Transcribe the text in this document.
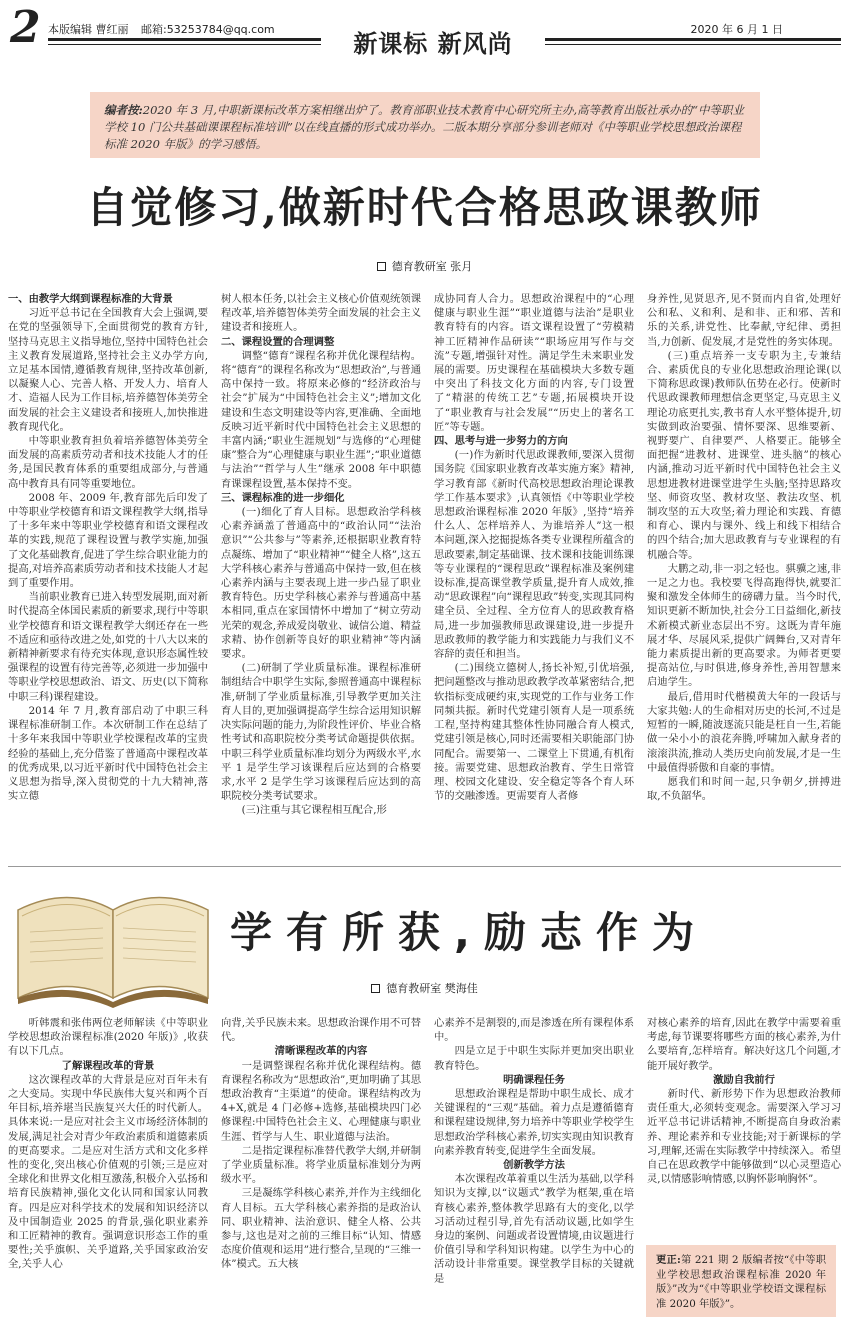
2 本版编辑 曹红丽 邮箱:53253784@qq.com	2020 年 6 月 1 日
新课标 新风尚
编者按:2020 年 3 月,中职新课标改革方案相继出炉了。教育部职业技术教育中心研究所主办,高等教育出版社承办的“中等职业学校 10 门公共基础课课程标准培训”以在线直播的形式成功举办。二版本期分享部分参训老师对《中等职业学校思想政治课程标准 2020 年版》的学习感悟。
自觉修习,做新时代合格思政课教师
德育教研室 张月

一、由教学大纲到课程标准的大背景

习近平总书记在全国教育大会上强调,要在党的坚强领导下,全面贯彻党的教育方针,坚持马克思主义指导地位,坚持中国特色社会主义教育发展道路,坚持社会主义办学方向,立足基本国情,遵循教育规律,坚持改革创新,以凝聚人心、完善人格、开发人力、培育人才、造福人民为工作目标,培养德智体美劳全面发展的社会主义建设者和接班人,加快推进教育现代化。

中等职业教育担负着培养德智体美劳全面发展的高素质劳动者和技术技能人才的任务,是国民教育体系的重要组成部分,与普通高中教育具有同等重要地位。

2008 年、2009 年,教育部先后印发了中等职业学校德育和语文课程教学大纲,指导了十多年来中等职业学校德育和语文课程改革的实践,规范了课程设置与教学实施,加强了文化基础教育,促进了学生综合职业能力的提高,对培养高素质劳动者和技术技能人才起到了重要作用。

当前职业教育已进入转型发展期,面对新时代提高全体国民素质的新要求,现行中等职业学校德育和语文课程教学大纲还存在一些不适应和亟待改进之处,如党的十八大以来的新精神新要求有待充实体现,意识形态属性较强课程的设置有待完善等,必须进一步加强中等职业学校思想政治、语文、历史(以下简称中职三科)课程建设。

2014 年 7 月,教育部启动了中职三科课程标准研制工作。本次研制工作在总结了十多年来我国中等职业学校课程改革的宝贵经验的基础上,充分借鉴了普通高中课程改革的优秀成果,以习近平新时代中国特色社会主义思想为指导,深入贯彻党的十九大精神,落实立德

树人根本任务,以社会主义核心价值观统领课程改革,培养德智体美劳全面发展的社会主义建设者和接班人。

二、课程设置的合理调整

调整“德育”课程名称并优化课程结构。将“德育”的课程名称改为“思想政治”,与普通高中保持一致。将原来必修的“经济政治与社会”扩展为“中国特色社会主义”;增加文化建设和生态文明建设等内容,更准确、全面地反映习近平新时代中国特色社会主义思想的丰富内涵;“职业生涯规划”与选修的“心理健康”整合为“心理健康与职业生涯”;“职业道德与法治”“哲学与人生”继承 2008 年中职德育课课程设置,基本保持不变。

三、课程标准的进一步细化

(一)细化了育人目标。思想政治学科核心素养涵盖了普通高中的“政治认同”“法治意识”“公共参与”等素养,还根据职业教育特点凝练、增加了“职业精神”“健全人格”,这五大学科核心素养与普通高中保持一致,但在核心素养内涵与主要表现上进一步凸显了职业教育特色。历史学科核心素养与普通高中基本相同,重点在家国情怀中增加了“树立劳动光荣的观念,养成爱岗敬业、诚信公道、精益求精、协作创新等良好的职业精神”等内涵要求。

(二)研制了学业质量标准。课程标准研制组结合中职学生实际,参照普通高中课程标准,研制了学业质量标准,引导教学更加关注育人目的,更加强调提高学生综合运用知识解决实际问题的能力,为阶段性评价、毕业合格性考试和高职院校分类考试命题提供依据。中职三科学业质量标准均划分为两级水平,水平 1 是学生学习该课程后应达到的合格要求,水平 2 是学生学习该课程后应达到的高职院校分类考试要求。

(三)注重与其它课程相互配合,形

成协同育人合力。思想政治课程中的“心理健康与职业生涯”“职业道德与法治”是职业教育特有的内容。语文课程设置了“劳模精神工匠精神作品研读”“职场应用写作与交流”专题,增强针对性。满足学生未来职业发展的需要。历史课程在基础模块大多数专题中突出了科技文化方面的内容,专门设置了“精湛的传统工艺”专题,拓展模块开设了“职业教育与社会发展”“历史上的著名工匠”等专题。

四、思考与进一步努力的方向

(一)作为新时代思政课教师,要深入贯彻国务院《国家职业教育改革实施方案》精神,学习教育部《新时代高校思想政治理论课教学工作基本要求》,认真领悟《中等职业学校思想政治课程标准 2020 年版》,坚持“培养什么人、怎样培养人、为谁培养人”这一根本问题,深入挖掘提炼各类专业课程所蕴含的思政要素,制定基础课、技术课和技能训练课等专业课程的“课程思政”课程标准及案例建设标准,提高课堂教学质量,提升育人成效,推动“思政课程”向“课程思政”转变,实现其同构建全员、全过程、全方位育人的思政教育格局,进一步加强教师思政课建设,进一步提升思政教师的教学能力和实践能力与我们义不容辞的责任和担当。

(二)围绕立德树人,扬长补短,引优培强,把问题整改与推动思政教学改革紧密结合,把软指标变成硬约束,实现党的工作与业务工作同频共振。新时代党建引领育人是一项系统工程,坚持构建其整体性协同融合育人模式,党建引领是核心,同时还需要相关职能部门协同配合。需要第一、二课堂上下贯通,有机衔接。需要党建、思想政治教育、学生日常管理、校园文化建设、安全稳定等各个育人环节的交融渗透。更需要育人者修

身养性,见贤思齐,见不贤而内自省,处理好公和私、义和利、是和非、正和邪、苦和乐的关系,讲党性、比奉献,守纪律、勇担当,力创新、促发展,才是党性的务实体现。

(三)重点培养一支专职为主,专兼结合、素质优良的专业化思想政治理论课(以下简称思政课)教师队伍势在必行。使新时代思政课教师理想信念更坚定,马克思主义理论功底更扎实,教书育人水平整体提升,切实做到政治要强、情怀要深、思维要新、视野要广、自律要严、人格要正。能够全面把握“进教材、进课堂、进头脑”的核心内涵,推动习近平新时代中国特色社会主义思想进教材进课堂进学生头脑;坚持思路攻坚、师资攻坚、教材攻坚、教法攻坚、机制攻坚的五大攻坚;着力理论和实践、育德和育心、课内与课外、线上和线下相结合的四个结合;加大思政教育与专业课程的有机融合等。

大鹏之动,非一羽之轻也。骐骥之速,非一足之力也。我校要飞得高跑得快,就要汇聚和激发全体师生的磅礴力量。当今时代,知识更新不断加快,社会分工日益细化,新技术新模式新业态层出不穷。这既为青年施展才华、尽展风采,提供广阔舞台,又对青年能力素质提出新的更高要求。为师者更要提高站位,与时俱进,修身养性,善用智慧来启迪学生。

最后,借用时代楷模黄大年的一段话与大家共勉:人的生命相对历史的长河,不过是短暂的一瞬,随波逐流只能是枉自一生,若能做一朵小小的浪花奔腾,呼啸加入献身者的滚滚洪流,推动人类历史向前发展,才是一生中最值得骄傲和自豪的事情。

愿我们和时间一起,只争朝夕,拼搏进取,不负韶华。

学有所获,励志作为
德育教研室 樊海佳

听韩震和张伟两位老师解读《中等职业学校思想政治课程标准(2020 年版)》,收获有以下几点。

了解课程改革的背景

这次课程改革的大背景是应对百年未有之大变局。实现中华民族伟大复兴和两个百年目标,培养堪当民族复兴大任的时代新人。具体来说:一是应对社会主义市场经济体制的发展,满足社会对青少年政治素质和道德素质的更高要求。二是应对生活方式和文化多样性的变化,突出核心价值观的引领;三是应对全球化和世界文化相互激荡,积极介入弘扬和培育民族精神,强化文化认同和国家认同教育。四是应对科学技术的发展和知识经济以及中国制造业 2025 的背景,强化职业素养和工匠精神的教育。强调意识形态工作的重要性;关乎旗帜、关乎道路,关乎国家政治安全,关乎人心

向背,关乎民族未来。思想政治课作用不可替代。

清晰课程改革的内容

一是调整课程名称并优化课程结构。德育课程名称改为“思想政治”,更加明确了其思想政治教育“主渠道”的使命。课程结构改为 4+X,就是 4 门必修+选修,基础模块四门必修课程:中国特色社会主义、心理健康与职业生涯、哲学与人生、职业道德与法治。

二是指定课程标准替代教学大纲,并研制了学业质量标准。将学业质量标准划分为两级水平。

三是凝练学科核心素养,并作为主线细化育人目标。五大学科核心素养指的是政治认同、职业精神、法治意识、健全人格、公共参与,这也是对之前的三维目标“认知、情感态度价值观和运用”进行整合,呈现的“三维一体”模式。五大核

心素养不是割裂的,而是渗透在所有课程体系中。

四是立足于中职生实际并更加突出职业教育特色。

明确课程任务

思想政治课程是帮助中职生成长、成才关键课程的“三观”基础。着力点是遵循德育和课程建设规律,努力培养中等职业学校学生思想政治学科核心素养,切实实现由知识教育向素养教育转变,促进学生全面发展。

创新教学方法

本次课程改革着重以生活为基础,以学科知识为支撑,以“议题式”教学为框架,重在培育核心素养,整体教学思路有大的变化,以学习活动过程引导,首先有活动议题,比如学生身边的案例、问题或者设置情境,由议题进行价值引导和学科知识构建。以学生为中心的活动设计非常重要。课堂教学目标的关键就是

对核心素养的培育,因此在教学中需要着重考虑,每节课要将哪些方面的核心素养,为什么要培育,怎样培育。解决好这几个问题,才能开展好教学。

激励自我前行

新时代、新形势下作为思想政治教师责任重大,必须转变观念。需要深入学习习近平总书记讲话精神,不断提高自身政治素养、理论素养和专业技能;对于新课标的学习,理解,还需在实际教学中持续深入。希望自己在思政教学中能够做到“以心灵塑造心灵,以情感影响情感,以胸怀影响胸怀”。

更正:第 221 期 2 版编者按“《中等职业学校思想政治课程标准 2020 年版》”改为“《中等职业学校语文课程标准 2020 年版》”。
